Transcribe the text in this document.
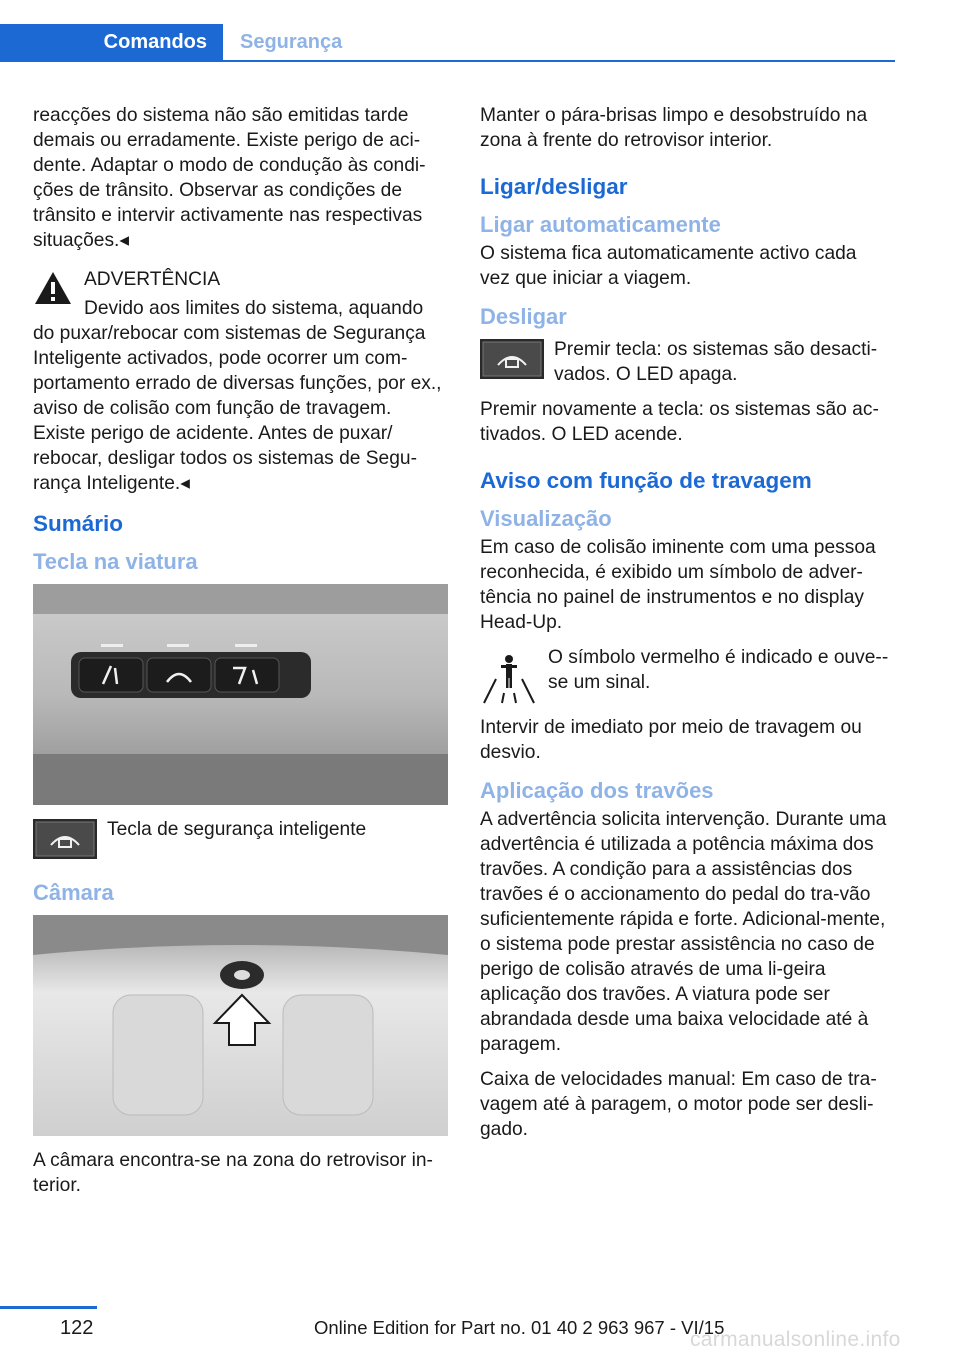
Comandos	Segurança

reacções do sistema não são emitidas tarde demais ou erradamente. Existe perigo de aci-dente. Adaptar o modo de condução às condi-ções de trânsito. Observar as condições de trânsito e intervir activamente nas respectivas situações.◂

ADVERTÊNCIA

Devido aos limites do sistema, aquando do puxar/rebocar com sistemas de Segurança Inteligente activados, pode ocorrer um com-portamento errado de diversas funções, por ex., aviso de colisão com função de travagem. Existe perigo de acidente. Antes de puxar/ rebocar, desligar todos os sistemas de Segu-rança Inteligente.◂

Sumário
Tecla na viatura
Tecla de segurança inteligente
Câmara

A câmara encontra-se na zona do retrovisor in-terior.

Manter o pára-brisas limpo e desobstruído na zona à frente do retrovisor interior.

Ligar/desligar
Ligar automaticamente

O sistema fica automaticamente activo cada vez que iniciar a viagem.

Desligar
Premir tecla: os sistemas são desacti-vados. O LED apaga.

Premir novamente a tecla: os sistemas são ac-tivados. O LED acende.

Aviso com função de travagem
Visualização

Em caso de colisão iminente com uma pessoa reconhecida, é exibido um símbolo de adver-tência no painel de instrumentos e no display Head-Up.

O símbolo vermelho é indicado e ouve--se um sinal.

Intervir de imediato por meio de travagem ou desvio.

Aplicação dos travões

A advertência solicita intervenção. Durante uma advertência é utilizada a potência máxima dos travões. A condição para a assistências dos travões é o accionamento do pedal do tra-vão suficientemente rápida e forte. Adicional-mente, o sistema pode prestar assistência no caso de perigo de colisão através de uma li-geira aplicação dos travões. A viatura pode ser abrandada desde uma baixa velocidade até à paragem.

Caixa de velocidades manual: Em caso de tra-vagem até à paragem, o motor pode ser desli-gado.

122	Online Edition for Part no. 01 40 2 963 967 - VI/15
carmanualsonline.info
